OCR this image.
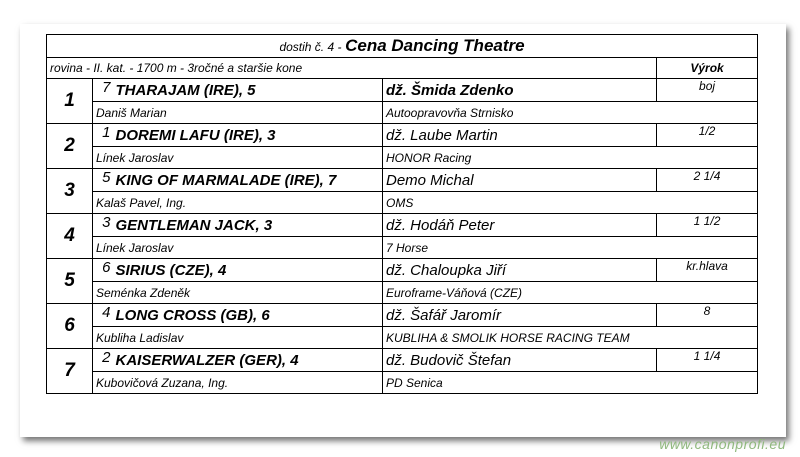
dostih č. 4 - Cena Dancing Theatre				
rovina - II. kat. - 1700 m - 3ročné a staršie kone				Výrok
1	7	THARAJAM (IRE), 5	dž. Šmida Zdenko	boj
	Daniš Marian		Autoopravovňa Strnisko	
2	1	DOREMI LAFU (IRE), 3	dž. Laube Martin	1/2
	Línek Jaroslav		HONOR Racing	
3	5	KING OF MARMALADE (IRE), 7	Demo Michal	2 1/4
	Kalaš Pavel, Ing.		OMS	
4	3	GENTLEMAN JACK, 3	dž. Hodáň Peter	1 1/2
	Línek Jaroslav		7 Horse	
5	6	SIRIUS (CZE), 4	dž. Chaloupka Jiří	kr.hlava
	Seménka Zdeněk		Euroframe-Váňová (CZE)	
6	4	LONG CROSS (GB), 6	dž. Šafář Jaromír	8
	Kubliha Ladislav		KUBLIHA & SMOLIK HORSE RACING TEAM	
7	2	KAISERWALZER (GER), 4	dž. Budovič Štefan	1 1/4
	Kubovičová Zuzana, Ing.		PD Senica	
www.canonprofi.eu
